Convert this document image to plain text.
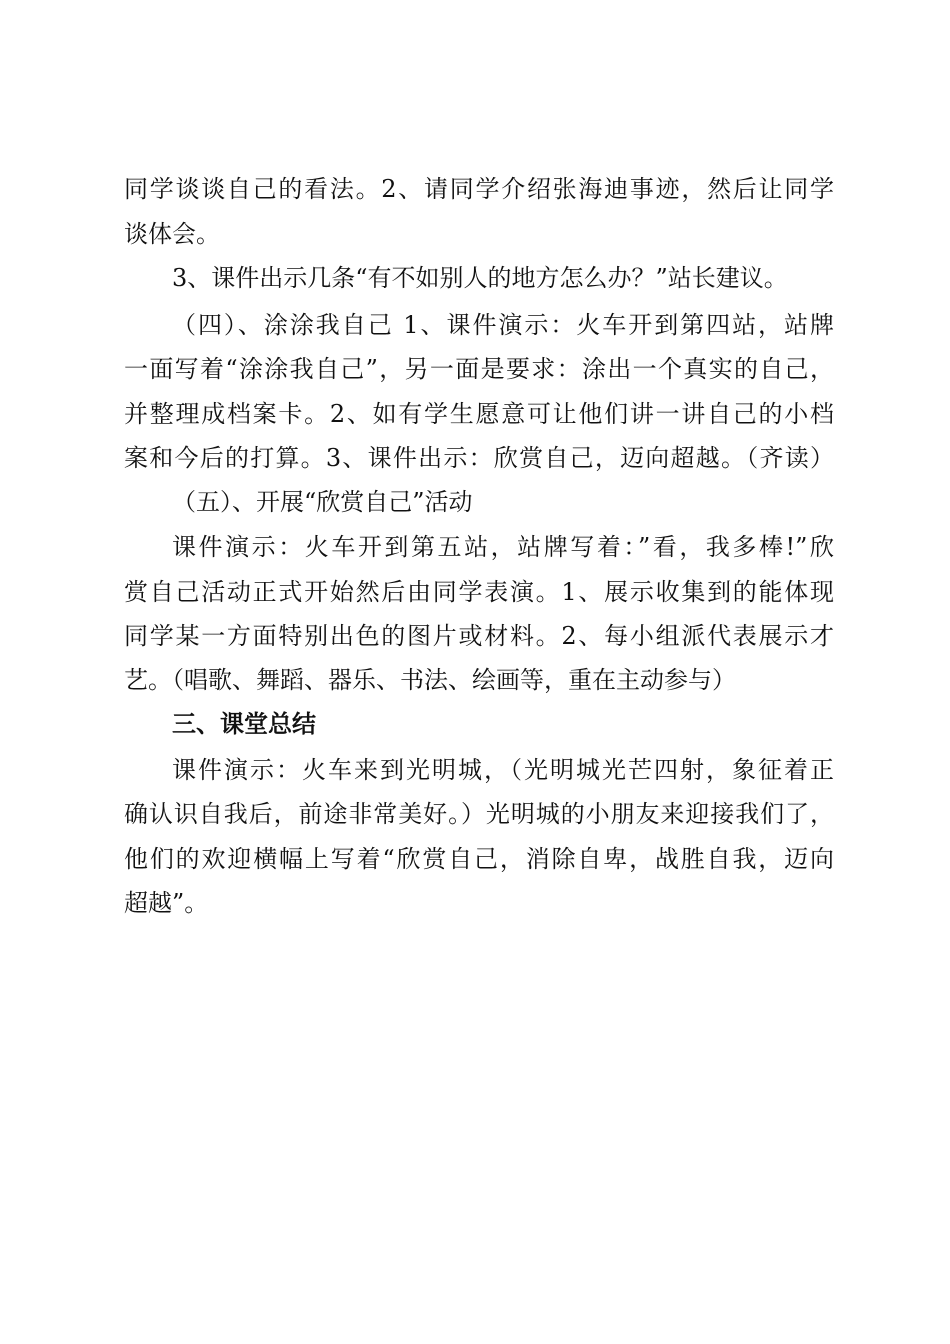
同学谈谈自己的看法。2、请同学介绍张海迪事迹，然后让同学
谈体会。
3、课件出示几条“有不如别人的地方怎么办？”站长建议。
（四）、涂涂我自己 1、课件演示：火车开到第四站，站牌
一面写着“涂涂我自己”，另一面是要求：涂出一个真实的自己，
并整理成档案卡。2、如有学生愿意可让他们讲一讲自己的小档
案和今后的打算。3、课件出示：欣赏自己，迈向超越。（齐读）
（五）、开展“欣赏自己”活动
课件演示：火车开到第五站，站牌写着：”看，我多棒!”欣
赏自己活动正式开始然后由同学表演。1、展示收集到的能体现
同学某一方面特别出色的图片或材料。2、每小组派代表展示才
艺。（唱歌、舞蹈、器乐、书法、绘画等，重在主动参与）
三、课堂总结
课件演示：火车来到光明城，（光明城光芒四射，象征着正
确认识自我后，前途非常美好。）光明城的小朋友来迎接我们了，
他们的欢迎横幅上写着“欣赏自己，消除自卑，战胜自我，迈向
超越”。
